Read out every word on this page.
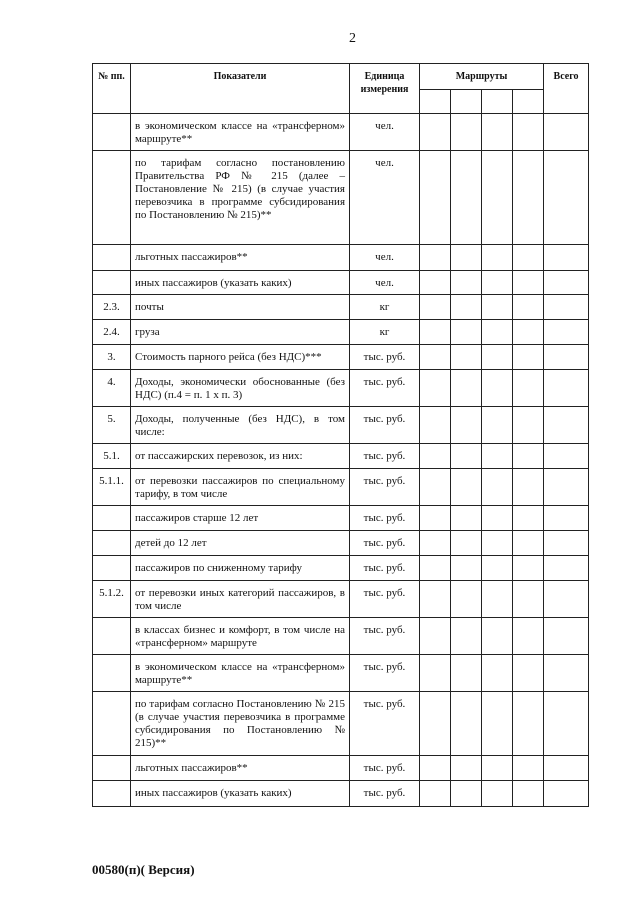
2
№ пп.	Показатели	Единица измерения	Маршруты				Всего

	в экономическом классе на «трансферном» маршруте**	чел.					
	по тарифам согласно постановлению Правительства РФ № 215 (далее – Постановление № 215) (в случае участия перевозчика в программе субсидирования по Постановлению № 215)**	чел.					
	льготных пассажиров**	чел.					
	иных пассажиров (указать каких)	чел.					
2.3.	почты	кг					
2.4.	груза	кг					
3.	Стоимость парного рейса (без НДС)***	тыс. руб.					
4.	Доходы, экономически обоснованные (без НДС) (п.4 = п. 1 х п. 3)	тыс. руб.					
5.	Доходы, полученные (без НДС), в том числе:	тыс. руб.					
5.1.	от пассажирских перевозок, из них:	тыс. руб.					
5.1.1.	от перевозки пассажиров по специальному тарифу, в том числе	тыс. руб.					
	пассажиров старше 12 лет	тыс. руб.					
	детей до 12 лет	тыс. руб.					
	пассажиров по сниженному тарифу	тыс. руб.					
5.1.2.	от перевозки иных категорий пассажиров, в том числе	тыс. руб.					
	в классах бизнес и комфорт, в том числе на «трансферном» маршруте	тыс. руб.					
	в экономическом классе на «трансферном» маршруте**	тыс. руб.					
	по тарифам согласно Постановлению № 215 (в случае участия перевозчика в программе субсидирования по Постановлению № 215)**	тыс. руб.					
	льготных пассажиров**	тыс. руб.					
	иных пассажиров (указать каких)	тыс. руб.					
00580(п)( Версия)
